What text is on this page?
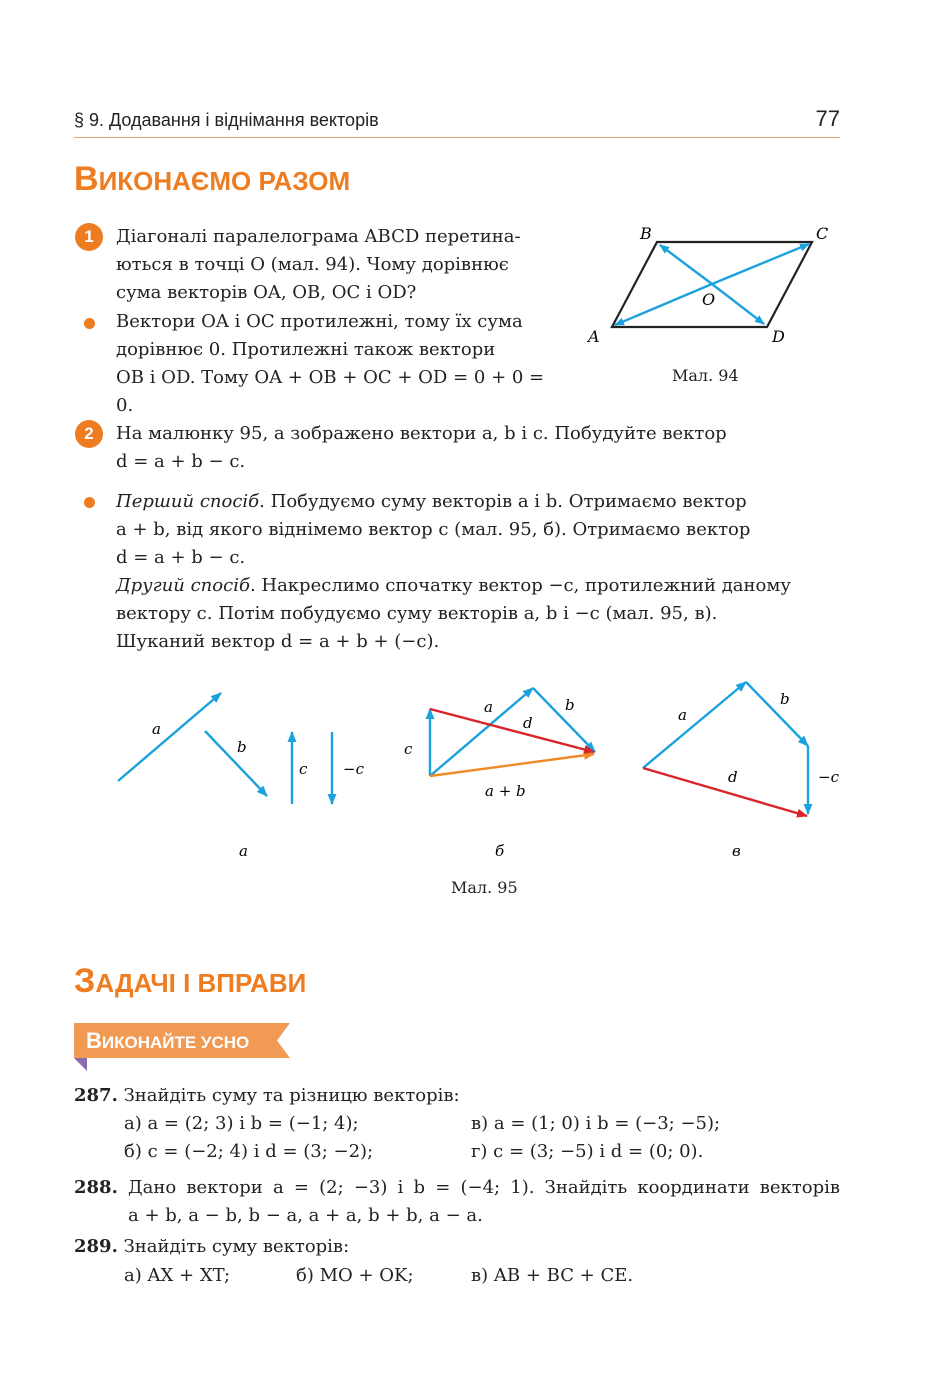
§ 9. Додавання і віднімання векторів	77
ВИКОНАЄМО РАЗОМ
1	Діагоналі паралелограма ABCD перетина-
ються в точці O (мал. 94). Чому дорівнює
сума векторів OA, OB, OC і OD?
Вектори OA і OC протилежні, тому їх сума
дорівнює 0. Протилежні також вектори
OB і OD. Тому OA + OB + OC + OD = 0 + 0 = 0.
B	C
O
A	D
Мал. 94
2	На малюнку 95, а зображено вектори a, b і c. Побудуйте вектор
d = a + b − c.
Перший спосіб. Побудуємо суму векторів a і b. Отримаємо вектор
a + b, від якого віднімемо вектор c (мал. 95, б). Отримаємо вектор
d = a + b − c.
Другий спосіб. Накреслимо спочатку вектор −c, протилежний даному
вектору c. Потім побудуємо суму векторів a, b і −c (мал. 95, в).
Шуканий вектор d = a + b + (−c).
a
b
c −c
a	b
d
c
a + b
a
b
d	−c
а	б	в
Мал. 95
ЗАДАЧІ І ВПРАВИ
ВИКОНАЙТЕ УСНО
287. Знайдіть суму та різницю векторів:
а) a = (2; 3) і b = (−1; 4);	в) a = (1; 0) і b = (−3; −5);
б) c = (−2; 4) і d = (3; −2);	г) c = (3; −5) і d = (0; 0).
288. Дано вектори a = (2; −3) і b = (−4; 1). Знайдіть координати векторів
a + b, a − b, b − a, a + a, b + b, a − a.
289. Знайдіть суму векторів:
а) AX + XT;	б) MO + OK;	в) AB + BC + CE.
